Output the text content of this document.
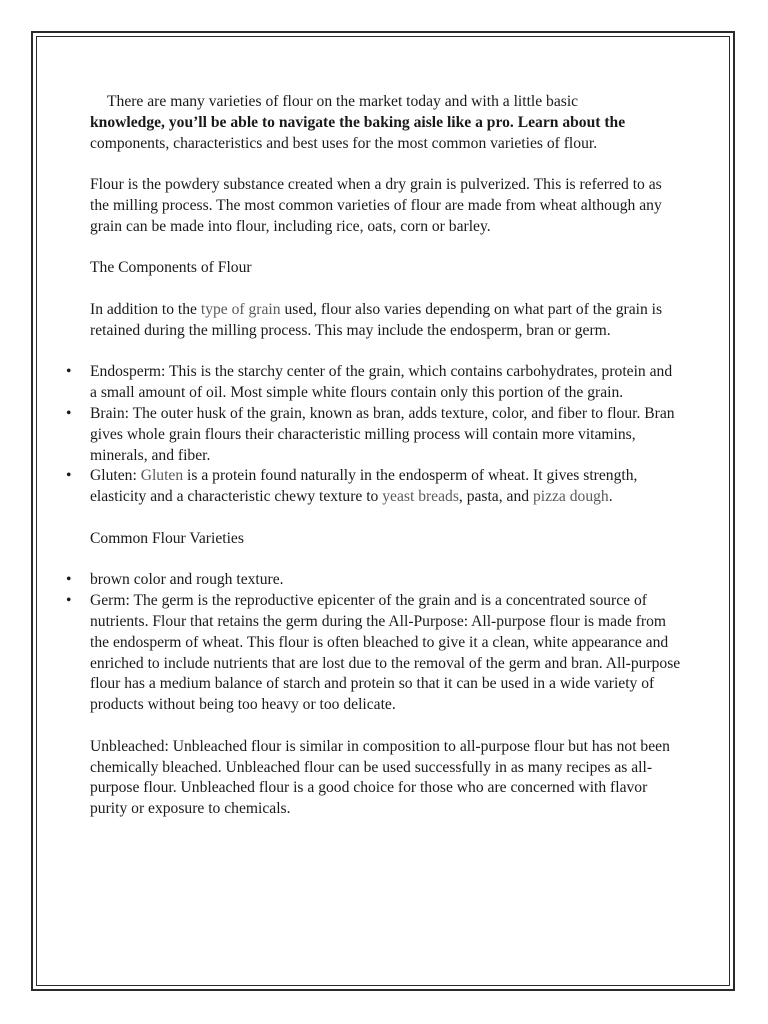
There are many varieties of flour on the market today and with a little basic
knowledge, you’ll be able to navigate the baking aisle like a pro. Learn about the
components, characteristics and best uses for the most common varieties of flour.

Flour is the powdery substance created when a dry grain is pulverized. This is referred to as the milling process. The most common varieties of flour are made from wheat although any grain can be made into flour, including rice, oats, corn or barley.

The Components of Flour

In addition to the type of grain used, flour also varies depending on what part of the grain is retained during the milling process. This may include the endosperm, bran or germ.

• Endosperm: This is the starchy center of the grain, which contains carbohydrates, protein and a small amount of oil. Most simple white flours contain only this portion of the grain.
• Brain: The outer husk of the grain, known as bran, adds texture, color, and fiber to flour. Bran gives whole grain flours their characteristic milling process will contain more vitamins, minerals, and fiber.
• Gluten: Gluten is a protein found naturally in the endosperm of wheat. It gives strength, elasticity and a characteristic chewy texture to yeast breads, pasta, and pizza dough.

Common Flour Varieties

• brown color and rough texture.
• Germ: The germ is the reproductive epicenter of the grain and is a concentrated source of nutrients. Flour that retains the germ during the All-Purpose: All-purpose flour is made from the endosperm of wheat. This flour is often bleached to give it a clean, white appearance and enriched to include nutrients that are lost due to the removal of the germ and bran. All-purpose flour has a medium balance of starch and protein so that it can be used in a wide variety of products without being too heavy or too delicate.

Unbleached: Unbleached flour is similar in composition to all-purpose flour but has not been chemically bleached. Unbleached flour can be used successfully in as many recipes as all-purpose flour. Unbleached flour is a good choice for those who are concerned with flavor purity or exposure to chemicals.
